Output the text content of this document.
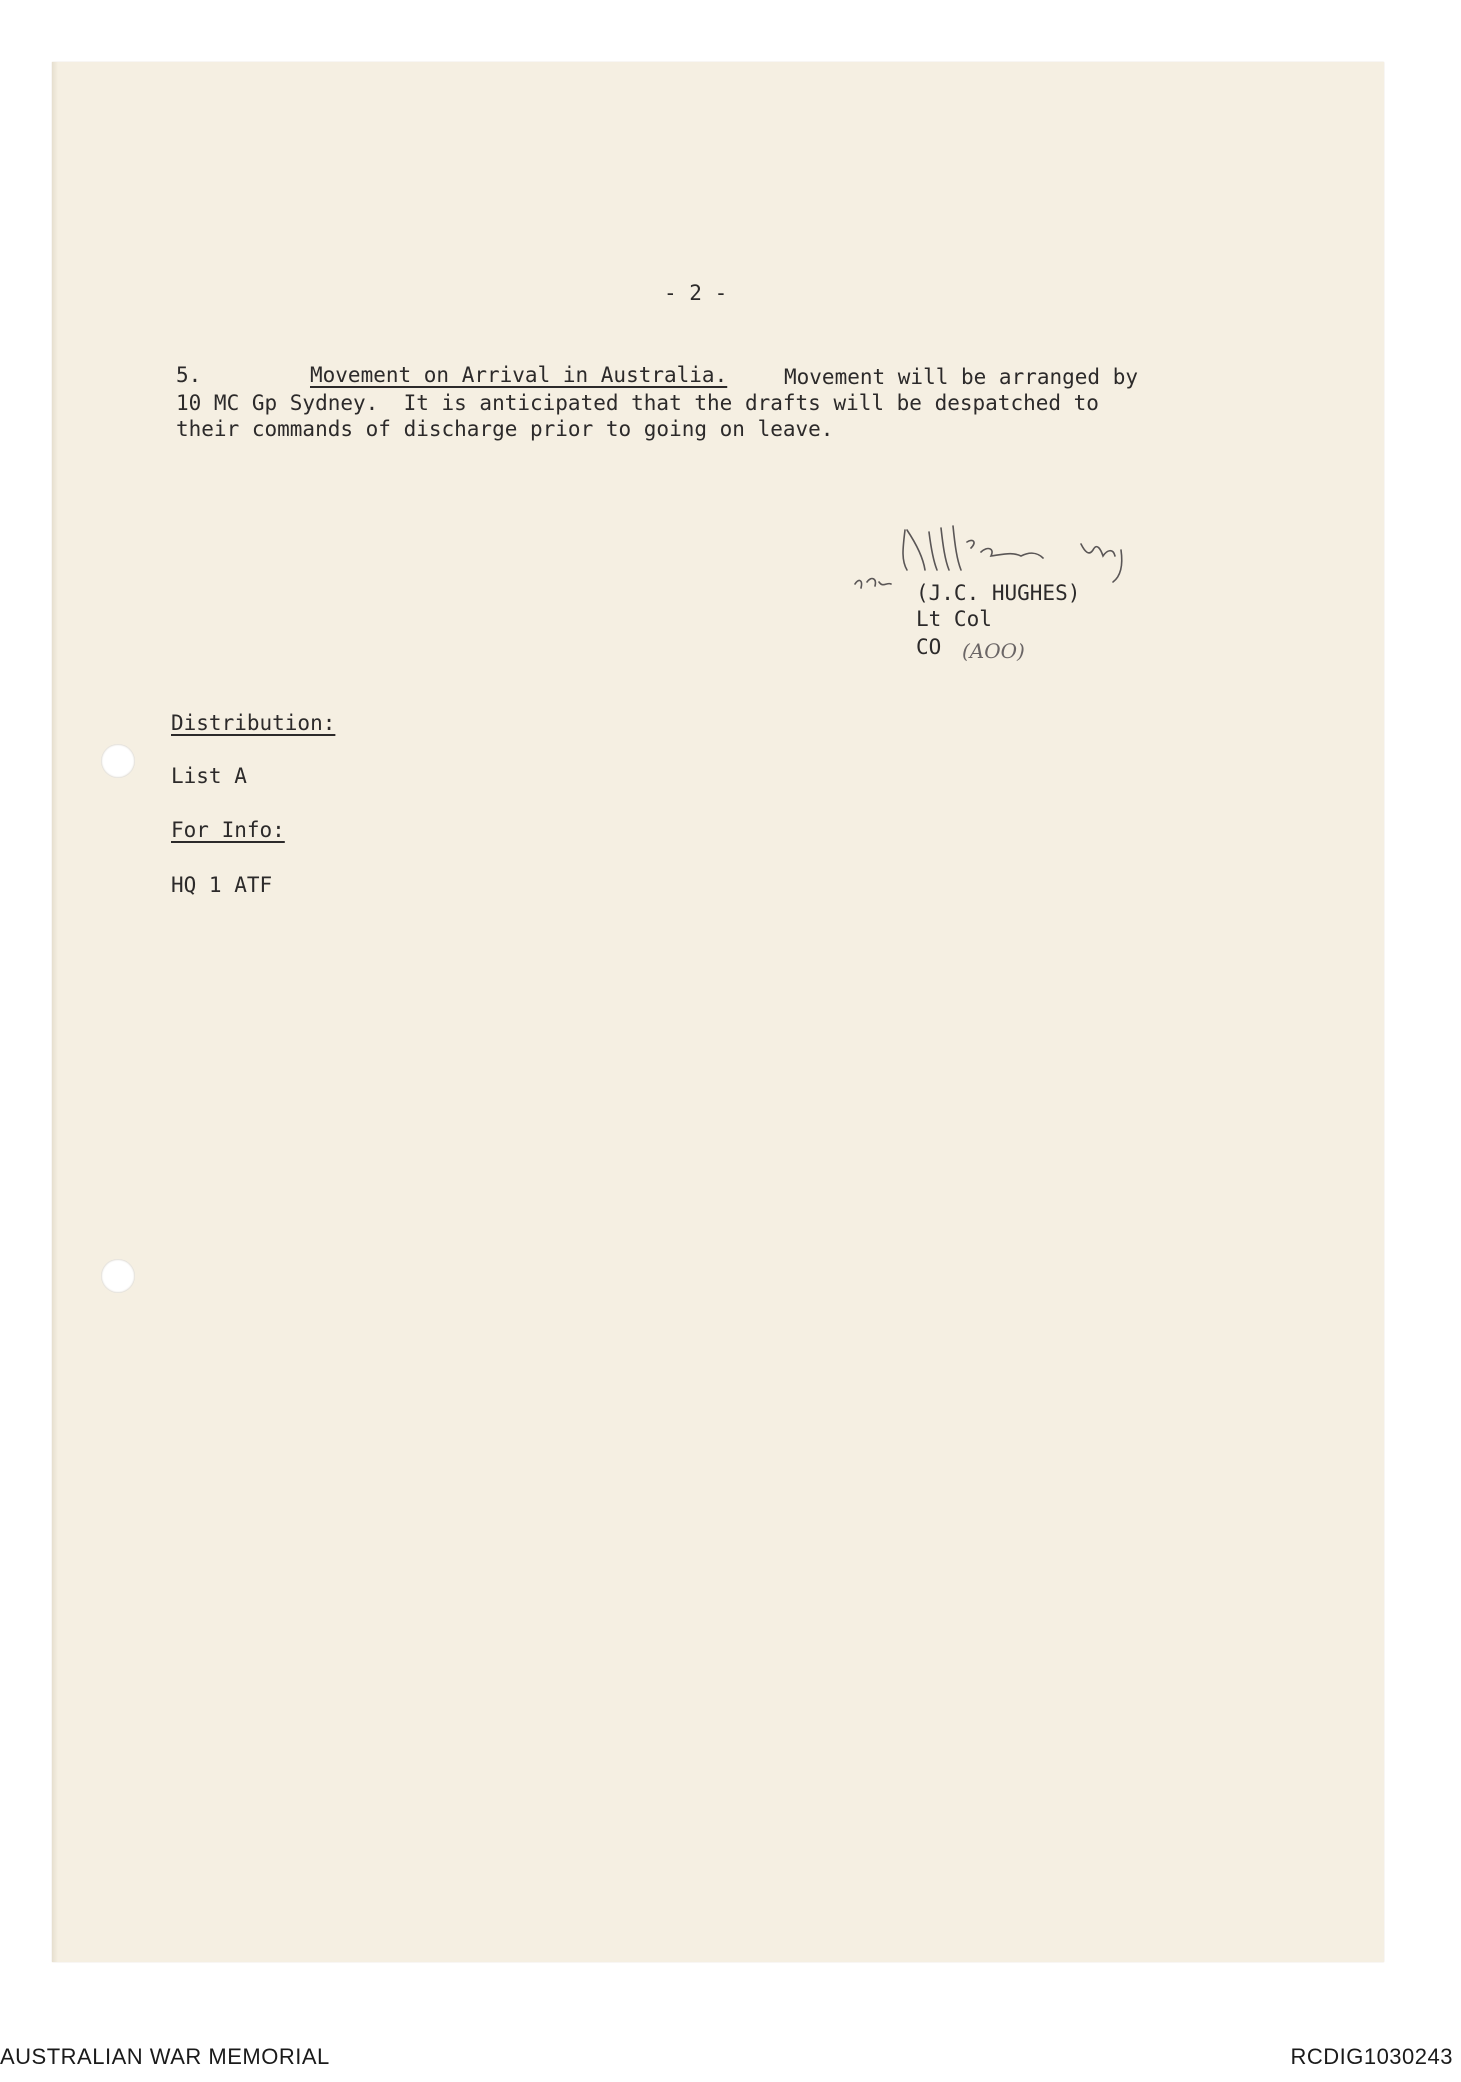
- 2 -
5.	Movement on Arrival in Australia.	Movement will be arranged by
10 MC Gp Sydney.  It is anticipated that the drafts will be despatched to
their commands of discharge prior to going on leave.
(J.C. HUGHES)
Lt Col
CO (AOO)
Distribution:
List A
For Info:
HQ 1 ATF
AUSTRALIAN WAR MEMORIAL	RCDIG1030243
